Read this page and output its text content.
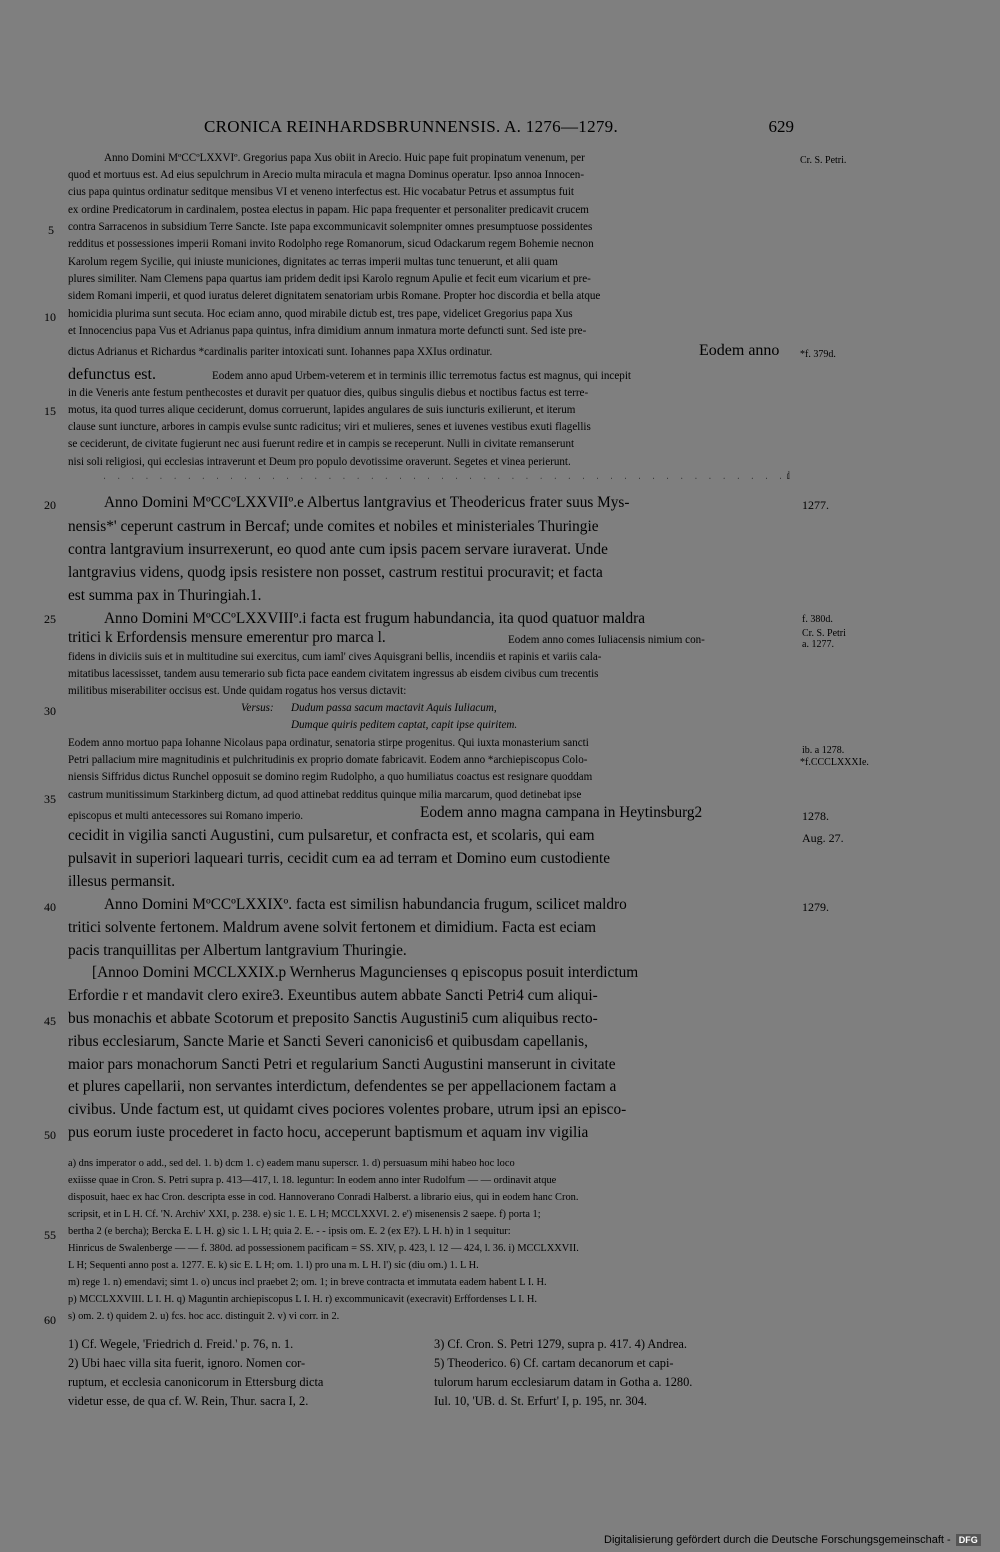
CRONICA REINHARDSBRUNNENSIS. A. 1276—1279.	629
Anno Domini MºCCºLXXVIº. Gregorius papa Xus obiit in Arecio. Huic pape fuit propinatum venenum, per
quod et mortuus est. Ad eius sepulchrum in Arecio multa miracula et magna Dominus operatur. Ipso annoa Innocen-
cius papa quintus ordinatur seditque mensibus VI et veneno interfectus est. Hic vocabatur Petrus et assumptus fuit
ex ordine Predicatorum in cardinalem, postea electus in papam. Hic papa frequenter et personaliter predicavit crucem
contra Sarracenos in subsidium Terre Sancte. Iste papa excommunicavit solempniter omnes presumptuose possidentes
redditus et possessiones imperii Romani invito Rodolpho rege Romanorum, sicud Odackarum regem Bohemie necnon
Karolum regem Sycilie, qui iniuste municiones, dignitates ac terras imperii multas tunc tenuerunt, et alii quam
plures similiter. Nam Clemens papa quartus iam pridem dedit ipsi Karolo regnum Apulie et fecit eum vicarium et pre-
sidem Romani imperii, et quod iuratus deleret dignitatem senatoriam urbis Romane. Propter hoc discordia et bella atque
homicidia plurima sunt secuta. Hoc eciam anno, quod mirabile dictub est, tres pape, videlicet Gregorius papa Xus
et Innocencius papa Vus et Adrianus papa quintus, infra dimidium annum inmatura morte defuncti sunt. Sed iste pre-
dictus Adrianus et Richardus *cardinalis pariter intoxicati sunt. Iohannes papa XXIus ordinatur.	Eodem anno
defunctus est.	Eodem anno apud Urbem-veterem et in terminis illic terremotus factus est magnus, qui incepit
in die Veneris ante festum penthecostes et duravit per quatuor dies, quibus singulis diebus et noctibus factus est terre-
motus, ita quod turres alique ceciderunt, domus corruerunt, lapides angulares de suis iuncturis exilierunt, et iterum
clause sunt iuncture, arbores in campis evulse suntc radicitus; viri et mulieres, senes et iuvenes vestibus exuti flagellis
se ceciderunt, de civitate fugierunt nec ausi fuerunt redire et in campis se receperunt. Nulli in civitate remanserunt
nisi soli religiosi, qui ecclesias intraverunt et Deum pro populo devotissime oraverunt. Segetes et vinea perierunt.
. . . . . . . . . . . . . . . . . . . . . . . . . . . . . . . . . . . . . . . . . . . . . . . . .d
Anno Domini MºCCºLXXVIIº.e Albertus lantgravius et Theodericus frater suus Mys-
nensis*' ceperunt castrum in Bercaf; unde comites et nobiles et ministeriales Thuringie
contra lantgravium insurrexerunt, eo quod ante cum ipsis pacem servare iuraverat. Unde
lantgravius videns, quodg ipsis resistere non posset, castrum restitui procuravit; et facta
est summa pax in Thuringiah.1.
Anno Domini MºCCºLXXVIIIº.i facta est frugum habundancia, ita quod quatuor maldra
tritici k Erfordensis mensure emerentur pro marca l.	Eodem anno comes Iuliacensis nimium con-
fidens in diviciis suis et in multitudine sui exercitus, cum iaml' cives Aquisgrani bellis, incendiis et rapinis et variis cala-
mitatibus lacessisset, tandem ausu temerario sub ficta pace eandem civitatem ingressus ab eisdem civibus cum trecentis
militibus miserabiliter occisus est. Unde quidam rogatus hos versus dictavit:
Versus: Dudum passa sacum mactavit Aquis Iuliacum,
Dumque quiris peditem captat, capit ipse quiritem.
Eodem anno mortuo papa Iohanne Nicolaus papa ordinatur, senatoria stirpe progenitus. Qui iuxta monasterium sancti
Petri pallacium mire magnitudinis et pulchritudinis ex proprio domate fabricavit. Eodem anno *archiepiscopus Colo-
niensis Siffridus dictus Runchel opposuit se domino regim Rudolpho, a quo humiliatus coactus est resignare quoddam
castrum munitissimum Starkinberg dictum, ad quod attinebat redditus quinque milia marcarum, quod detinebat ipse
episcopus et multi antecessores sui Romano imperio.	Eodem anno magna campana in Heytinsburg2
cecidit in vigilia sancti Augustini, cum pulsaretur, et confracta est, et scolaris, qui eam
pulsavit in superiori laqueari turris, cecidit cum ea ad terram et Domino eum custodiente
illesus permansit.
Anno Domini MºCCºLXXIXº. facta est similisn habundancia frugum, scilicet maldro
tritici solvente fertonem. Maldrum avene solvit fertonem et dimidium. Facta est eciam
pacis tranquillitas per Albertum lantgravium Thuringie.
[Annoo Domini MCCLXXIX.p Wernherus Maguncienses q episcopus posuit interdictum
Erfordie r et mandavit clero exire3. Exeuntibus autem abbate Sancti Petri4 cum aliqui-
bus monachis et abbate Scotorum et preposito Sanctis Augustini5 cum aliquibus recto-
ribus ecclesiarum, Sancte Marie et Sancti Severi canonicis6 et quibusdam capellanis,
maior pars monachorum Sancti Petri et regularium Sancti Augustini manserunt in civitate
et plures capellarii, non servantes interdictum, defendentes se per appellacionem factam a
civibus. Unde factum est, ut quidamt cives pociores volentes probare, utrum ipsi an episco-
pus eorum iuste procederet in facto hocu, acceperunt baptismum et aquam inv vigilia
a) dns imperator o add., sed del. 1. b) dcm 1. c) eadem manu superscr. 1. d) persuasum mihi habeo hoc loco
exiisse quae in Cron. S. Petri supra p. 413—417, l. 18. leguntur: In eodem anno inter Rudolfum — — ordinavit atque
disposuit, haec ex hac Cron. descripta esse in cod. Hannoverano Conradi Halberst. a librario eius, qui in eodem hanc Cron.
scripsit, et in L H. Cf. 'N. Archiv' XXI, p. 238. e) sic 1. E. L H; MCCLXXVI. 2. e') misenensis 2 saepe. f) porta 1;
bertha 2 (e bercha); Bercka E. L H. g) sic 1. L H; quia 2. E. - - ipsis om. E. 2 (ex E?). L H. h) in 1 sequitur:
Hinricus de Swalenberge — — f. 380d. ad possessionem pacificam = SS. XIV, p. 423, l. 12 — 424, l. 36. i) MCCLXXVII.
L H; Sequenti anno post a. 1277. E. k) sic E. L H; om. 1. l) pro una m. L H. l') sic (diu om.) 1. L H.
m) rege 1. n) emendavi; simt 1. o) uncus incl praebet 2; om. 1; in breve contracta et immutata eadem habent L I. H.
p) MCCLXXVIII. L I. H. q) Maguntin archiepiscopus L I. H. r) excommunicavit (execravit) Erffordenses L I. H.
s) om. 2. t) quidem 2. u) fcs. hoc acc. distinguit 2. v) vi corr. in 2.
1) Cf. Wegele, 'Friedrich d. Freid.' p. 76, n. 1.
2) Ubi haec villa sita fuerit, ignoro. Nomen cor-
ruptum, et ecclesia canonicorum in Ettersburg dicta
videtur esse, de qua cf. W. Rein, Thur. sacra I, 2.
3) Cf. Cron. S. Petri 1279, supra p. 417. 4) Andrea.
5) Theoderico. 6) Cf. cartam decanorum et capi-
tulorum harum ecclesiarum datam in Gotha a. 1280.
Iul. 10, 'UB. d. St. Erfurt' I, p. 195, nr. 304.
5
10
15
20
25
30
35
40
45
50
55
60
Cr. S. Petri.
*f. 379d.
1277.
f. 380d.
Cr. S. Petri
a. 1277.
ib. a 1278.
*f.CCCLXXXIe.
1278.
Aug. 27.
1279.
Digitalisierung gefördert durch die Deutsche Forschungsgemeinschaft - DFG
